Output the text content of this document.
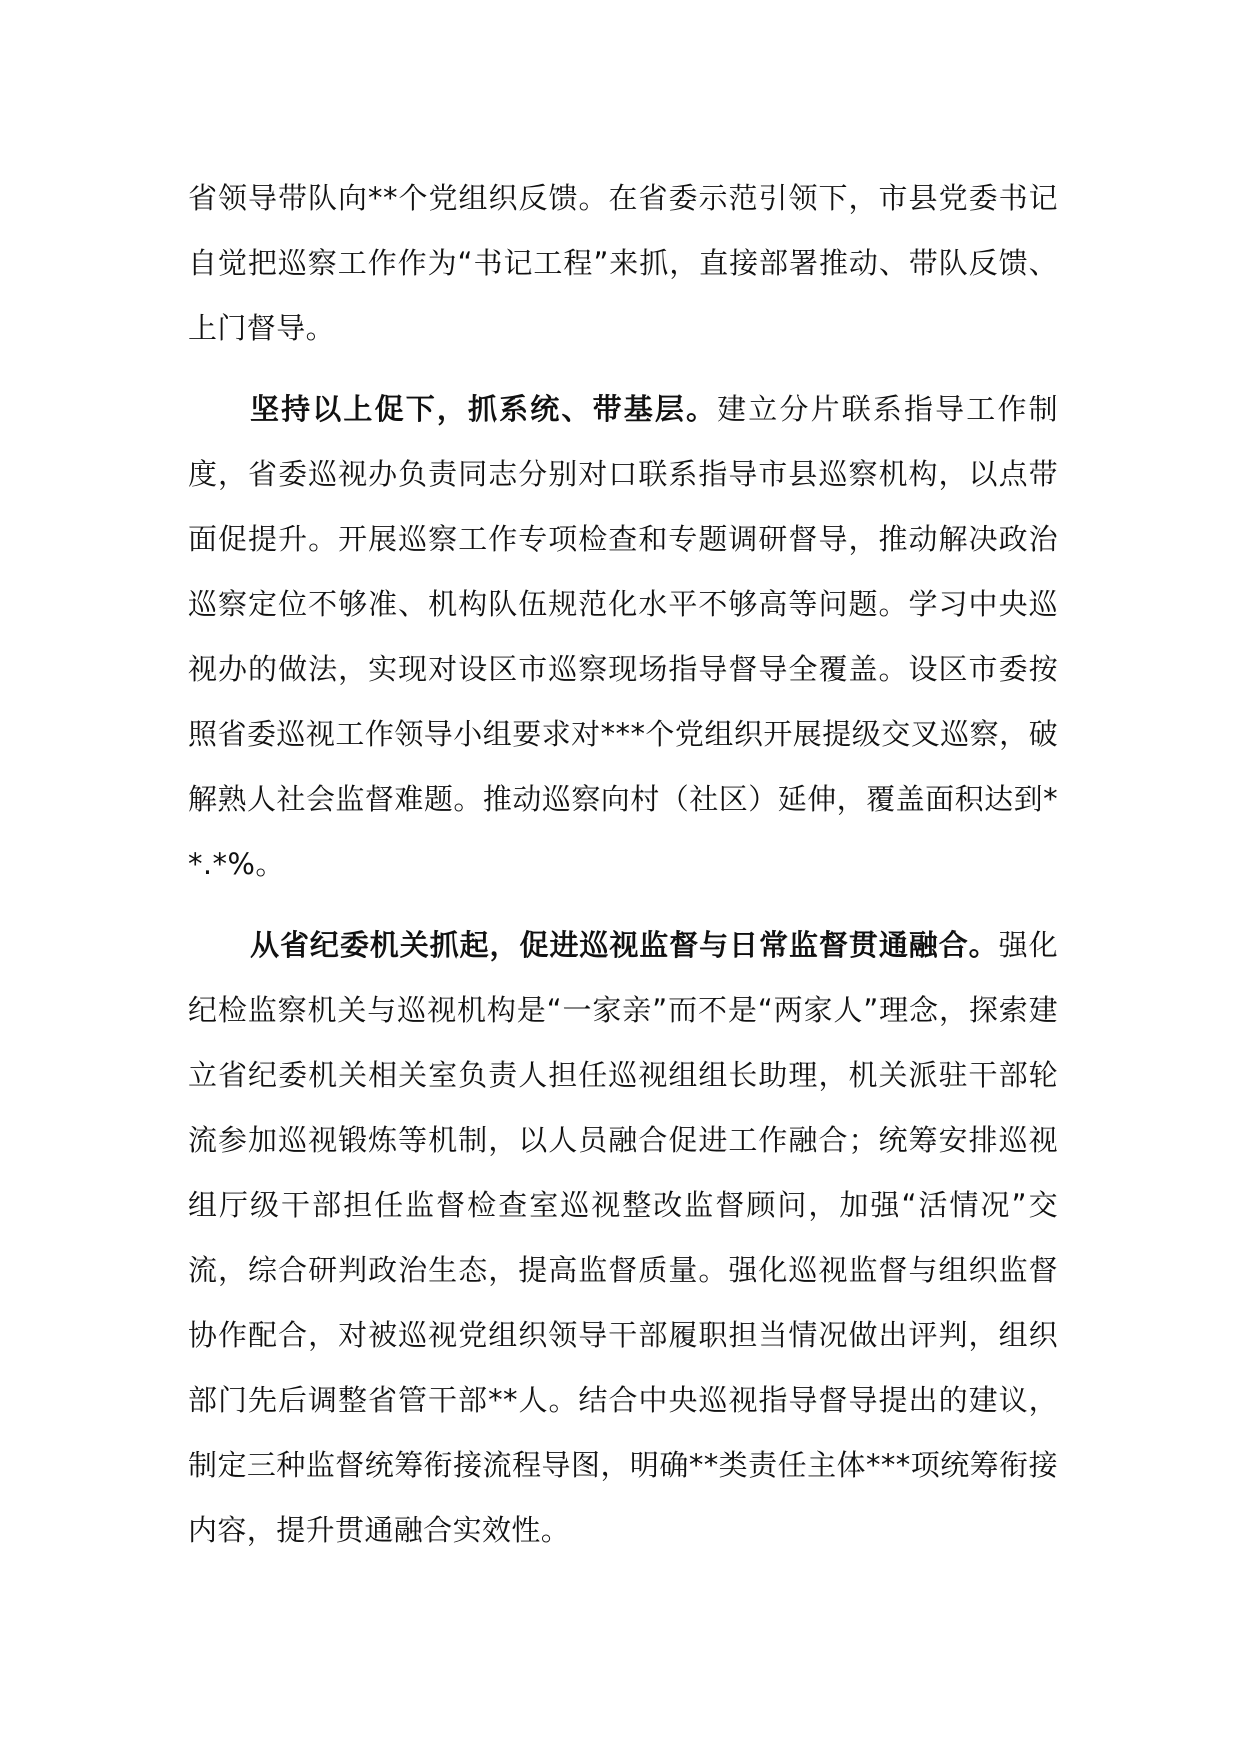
省领导带队向**个党组织反馈。在省委示范引领下，市县党委书记自觉把巡察工作作为“书记工程”来抓，直接部署推动、带队反馈、上门督导。

坚持以上促下，抓系统、带基层。建立分片联系指导工作制度，省委巡视办负责同志分别对口联系指导市县巡察机构，以点带面促提升。开展巡察工作专项检查和专题调研督导，推动解决政治巡察定位不够准、机构队伍规范化水平不够高等问题。学习中央巡视办的做法，实现对设区市巡察现场指导督导全覆盖。设区市委按照省委巡视工作领导小组要求对***个党组织开展提级交叉巡察，破解熟人社会监督难题。推动巡察向村（社区）延伸，覆盖面积达到**.*%。

从省纪委机关抓起，促进巡视监督与日常监督贯通融合。强化纪检监察机关与巡视机构是“一家亲”而不是“两家人”理念，探索建立省纪委机关相关室负责人担任巡视组组长助理，机关派驻干部轮流参加巡视锻炼等机制，以人员融合促进工作融合；统筹安排巡视组厅级干部担任监督检查室巡视整改监督顾问，加强“活情况”交流，综合研判政治生态，提高监督质量。强化巡视监督与组织监督协作配合，对被巡视党组织领导干部履职担当情况做出评判，组织部门先后调整省管干部**人。结合中央巡视指导督导提出的建议，制定三种监督统筹衔接流程导图，明确**类责任主体***项统筹衔接内容，提升贯通融合实效性。
